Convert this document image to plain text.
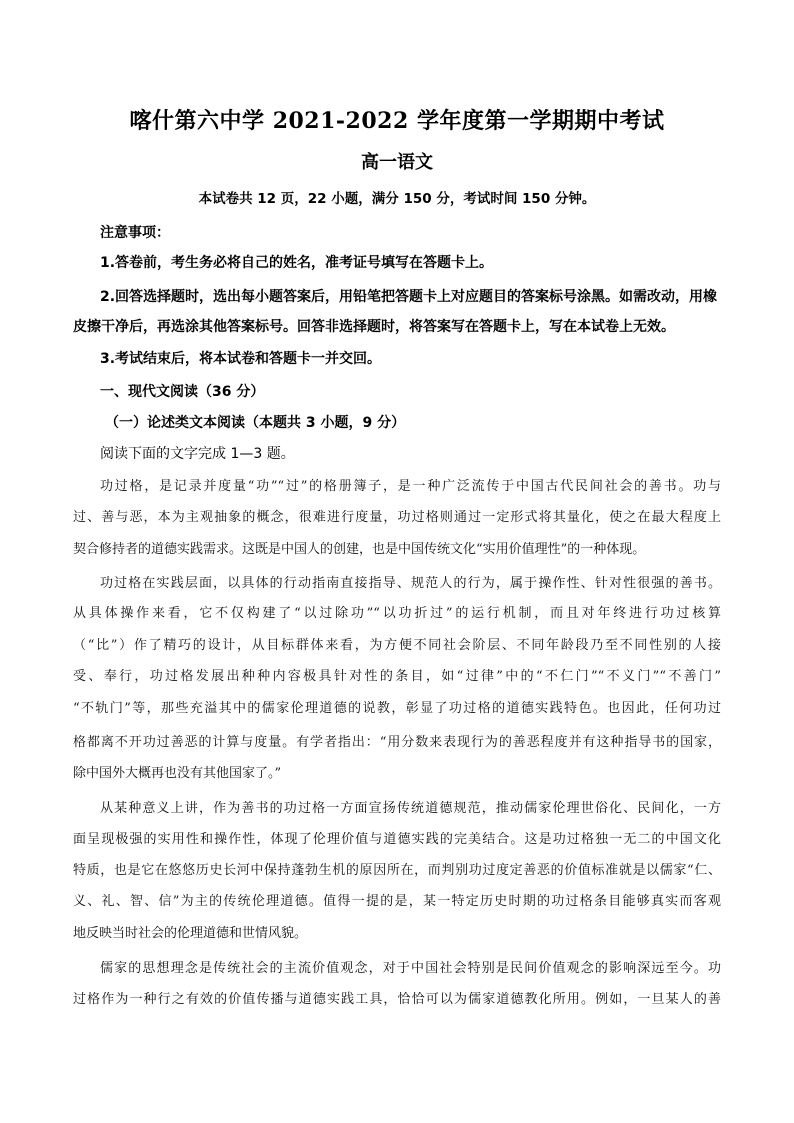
喀什第六中学 2021-2022 学年度第一学期期中考试
高一语文
本试卷共 12 页，22 小题，满分 150 分，考试时间 150 分钟。
注意事项：
1.答卷前，考生务必将自己的姓名，准考证号填写在答题卡上。
2.回答选择题时，选出每小题答案后，用铅笔把答题卡上对应题目的答案标号涂黑。如需改动，用橡
皮擦干净后，再选涂其他答案标号。回答非选择题时，将答案写在答题卡上，写在本试卷上无效。
3.考试结束后，将本试卷和答题卡一并交回。
一、现代文阅读（36 分）
（一）论述类文本阅读（本题共 3 小题，9 分）
阅读下面的文字完成 1—3 题。
功过格，是记录并度量“功”“过”的格册簿子，是一种广泛流传于中国古代民间社会的善书。功与
过、善与恶，本为主观抽象的概念，很难进行度量，功过格则通过一定形式将其量化，使之在最大程度上
契合修持者的道德实践需求。这既是中国人的创建，也是中国传统文化“实用价值理性”的一种体现。
功过格在实践层面，以具体的行动指南直接指导、规范人的行为，属于操作性、针对性很强的善书。
从具体操作来看，它不仅构建了“以过除功”“以功折过”的运行机制，而且对年终进行功过核算
（“比”）作了精巧的设计，从目标群体来看，为方便不同社会阶层、不同年龄段乃至不同性别的人接
受、奉行，功过格发展出种种内容极具针对性的条目，如“过律”中的“不仁门”“不义门”“不善门”
“不轨门”等，那些充溢其中的儒家伦理道德的说教，彰显了功过格的道德实践特色。也因此，任何功过
格都离不开功过善恶的计算与度量。有学者指出：“用分数来表现行为的善恶程度并有这种指导书的国家，
除中国外大概再也没有其他国家了。”
从某种意义上讲，作为善书的功过格一方面宣扬传统道德规范，推动儒家伦理世俗化、民间化，一方
面呈现极强的实用性和操作性，体现了伦理价值与道德实践的完美结合。这是功过格独一无二的中国文化
特质，也是它在悠悠历史长河中保持蓬勃生机的原因所在，而判别功过度定善恶的价值标准就是以儒家“仁、
义、礼、智、信”为主的传统伦理道德。值得一提的是，某一特定历史时期的功过格条目能够真实而客观
地反映当时社会的伦理道德和世情风貌。
儒家的思想理念是传统社会的主流价值观念，对于中国社会特别是民间价值观念的影响深远至今。功
过格作为一种行之有效的价值传播与道德实践工具，恰恰可以为儒家道德教化所用。例如，一旦某人的善
